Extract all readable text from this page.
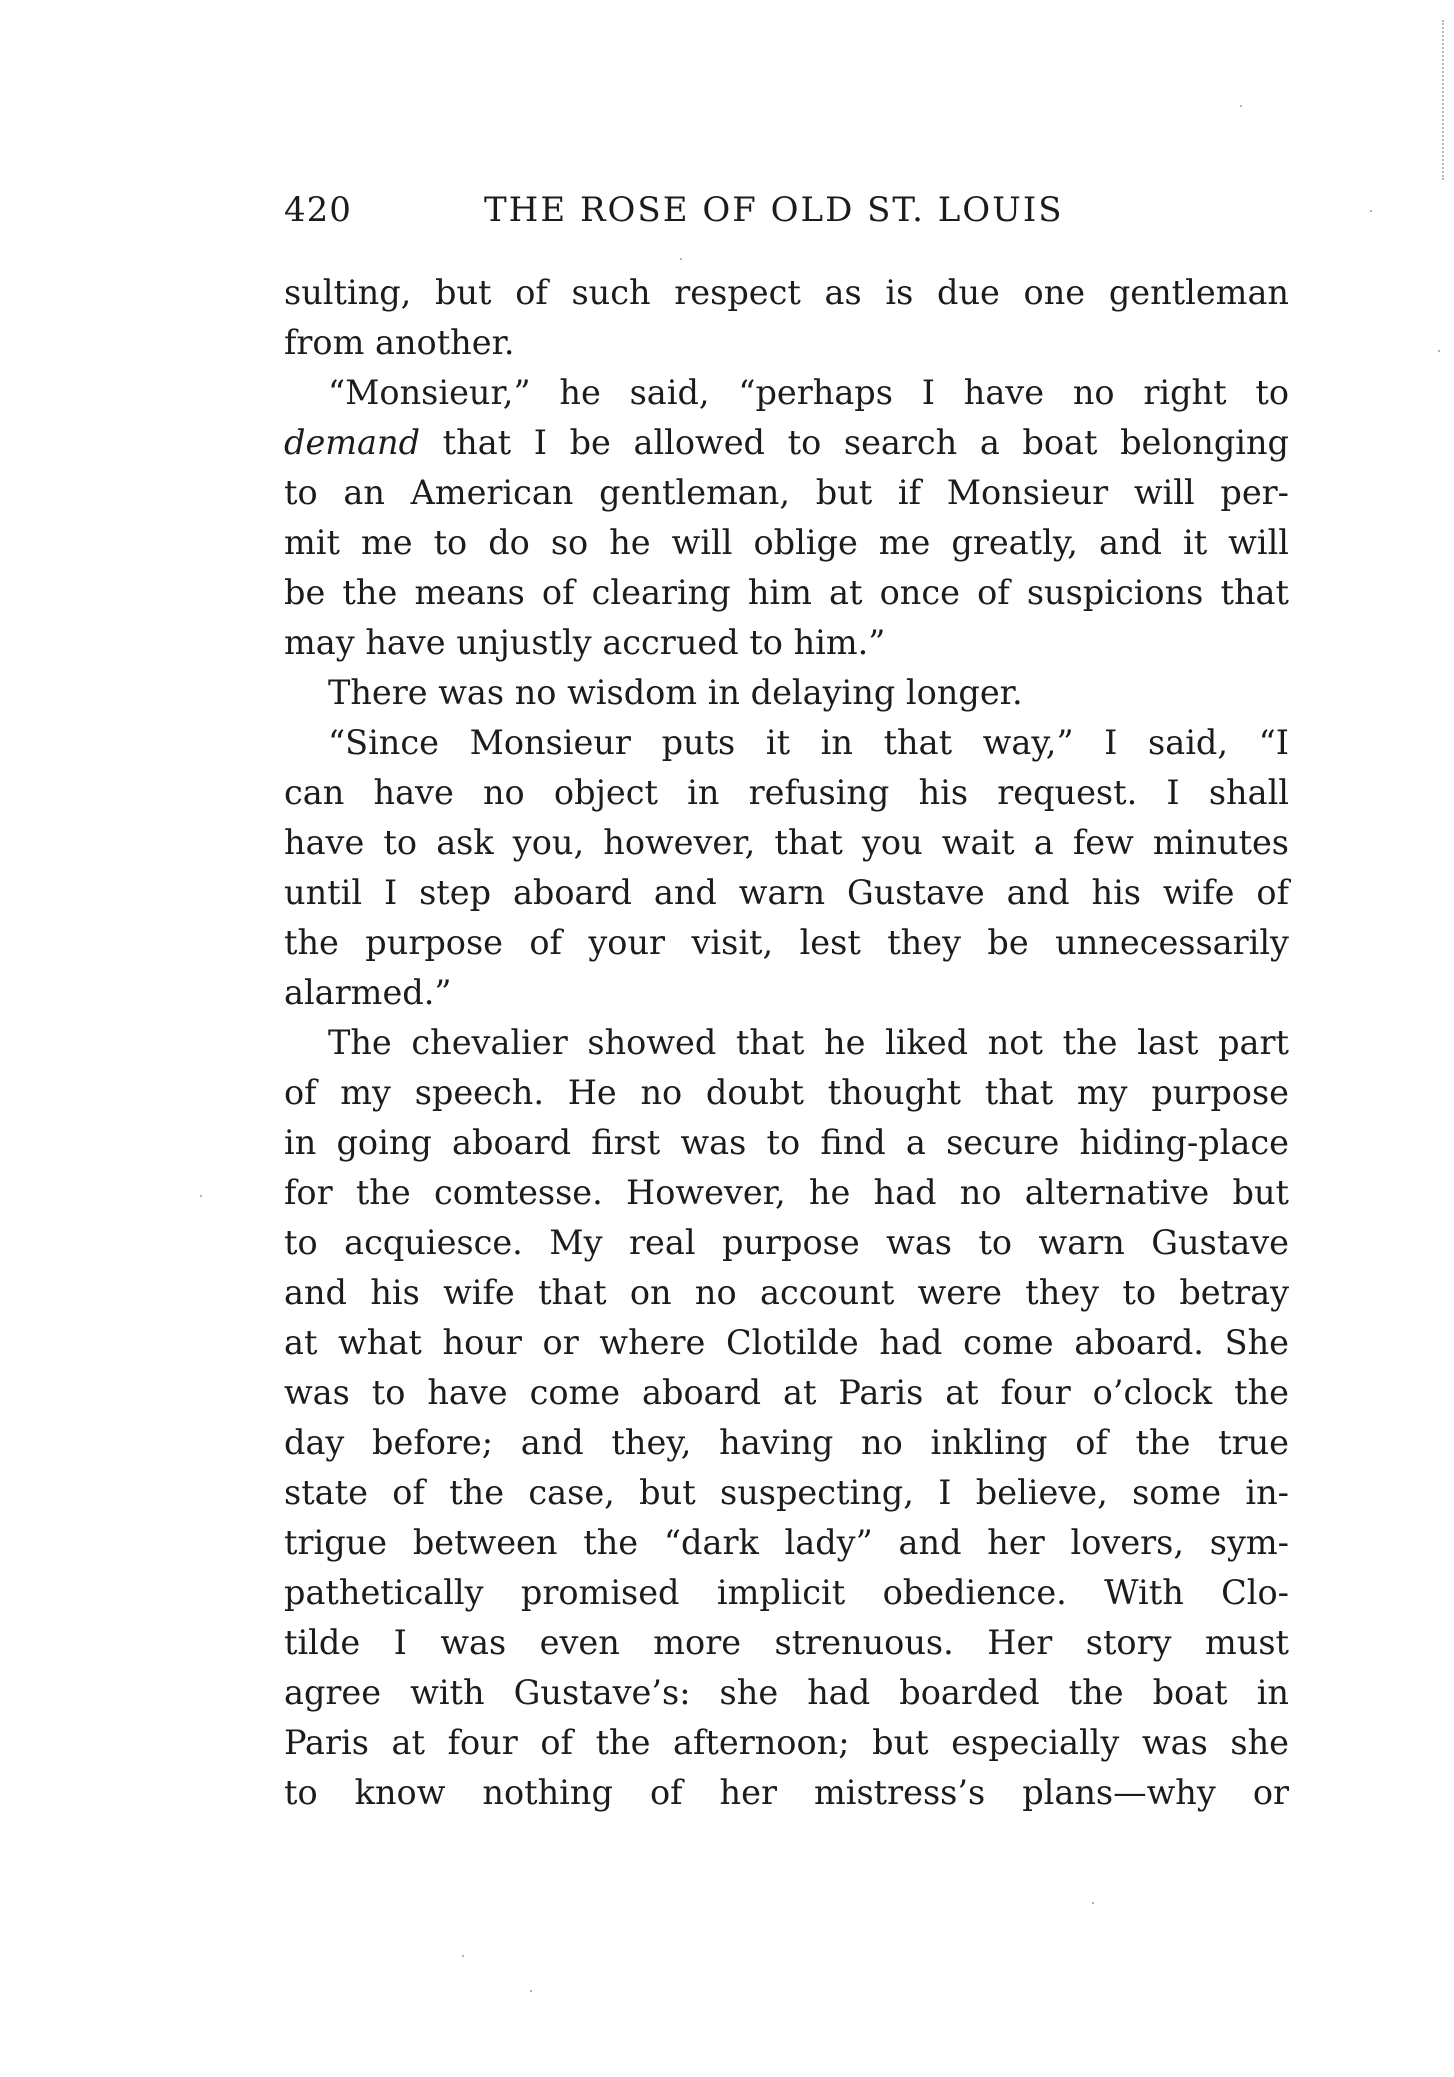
420	THE ROSE OF OLD ST. LOUIS
sulting, but of such respect as is due one gentleman
from another.
“Monsieur,” he said, “perhaps I have no right to
demand that I be allowed to search a boat belonging
to an American gentleman, but if Monsieur will per-
mit me to do so he will oblige me greatly, and it will
be the means of clearing him at once of suspicions that
may have unjustly accrued to him.”
There was no wisdom in delaying longer.
“Since Monsieur puts it in that way,” I said, “I
can have no object in refusing his request. I shall
have to ask you, however, that you wait a few minutes
until I step aboard and warn Gustave and his wife of
the purpose of your visit, lest they be unnecessarily
alarmed.”
The chevalier showed that he liked not the last part
of my speech. He no doubt thought that my purpose
in going aboard first was to find a secure hiding-place
for the comtesse. However, he had no alternative but
to acquiesce. My real purpose was to warn Gustave
and his wife that on no account were they to betray
at what hour or where Clotilde had come aboard. She
was to have come aboard at Paris at four o’clock the
day before; and they, having no inkling of the true
state of the case, but suspecting, I believe, some in-
trigue between the “dark lady” and her lovers, sym-
pathetically promised implicit obedience. With Clo-
tilde I was even more strenuous. Her story must
agree with Gustave’s: she had boarded the boat in
Paris at four of the afternoon; but especially was she
to know nothing of her mistress’s plans—why or
